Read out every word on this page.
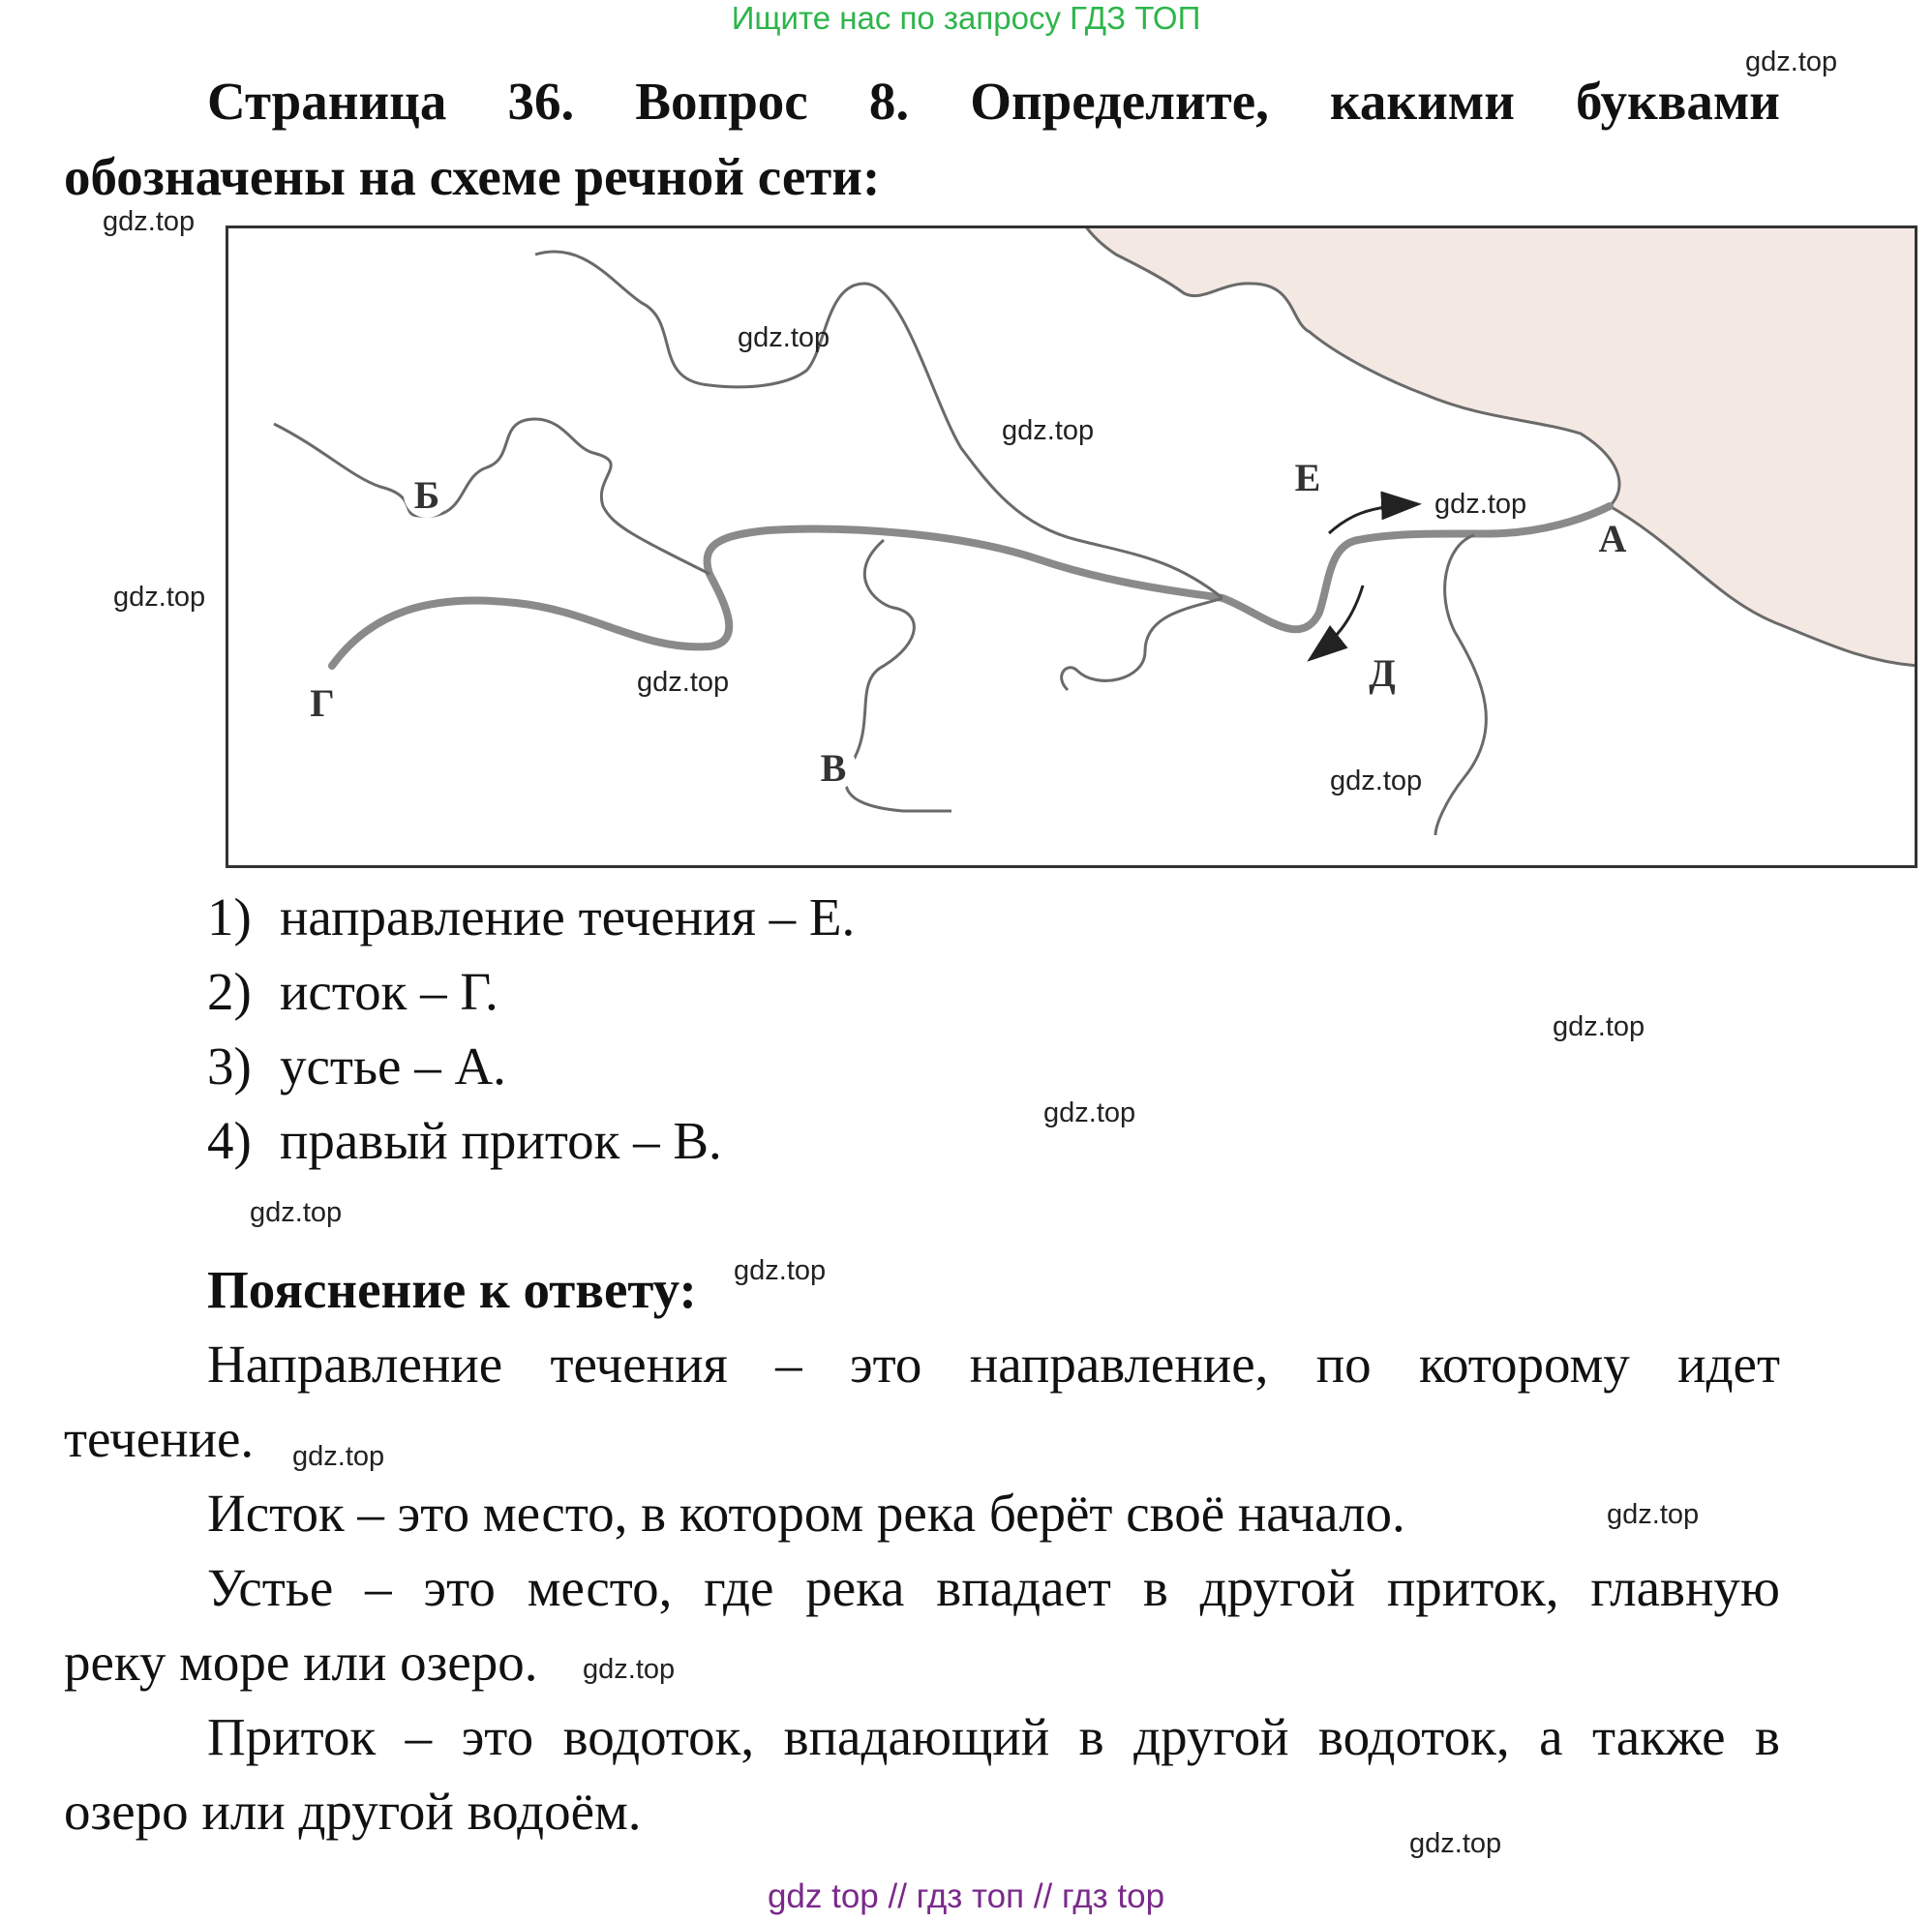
Ищите нас по запросу ГДЗ ТОП
Страница 36. Вопрос 8. Определите, какими буквами
обозначены на схеме речной сети:
Б
Г
В
Е
Д
А
1) направление течения – Е.
2) исток – Г.
3) устье – А.
4) правый приток – В.
Пояснение к ответу:
Направление течения – это направление, по которому идет
течение.
Исток – это место, в котором река берёт своё начало.
Устье – это место, где река впадает в другой приток, главную
реку море или озеро.
Приток – это водоток, впадающий в другой водоток, а также в
озеро или другой водоём.
gdz.top
gdz.top
gdz.top
gdz.top
gdz.top
gdz.top
gdz.top
gdz.top
gdz.top
gdz.top
gdz.top
gdz.top
gdz.top
gdz.top
gdz.top
gdz.top
gdz top // гдз топ // гдз top
